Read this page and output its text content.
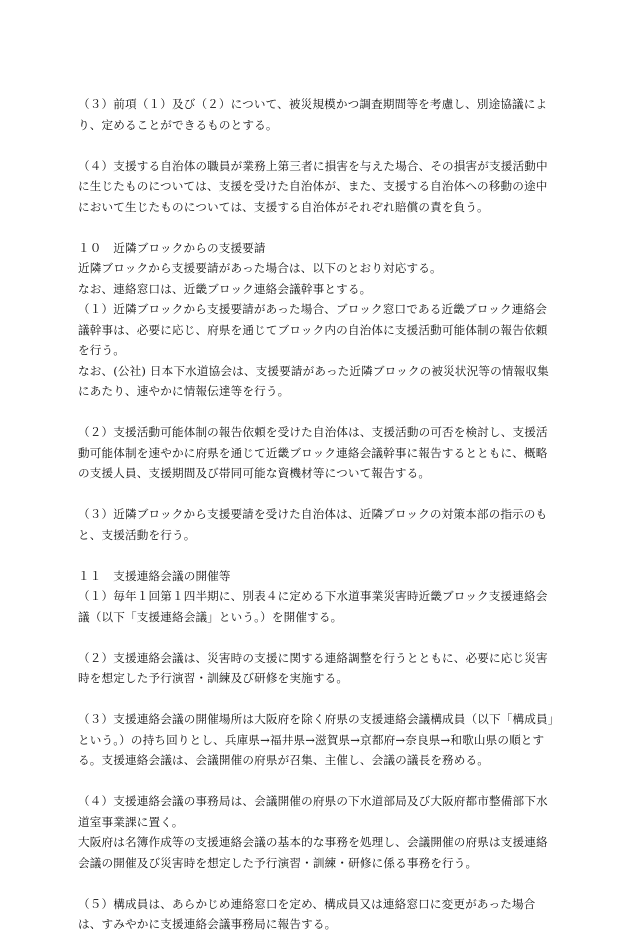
（３）前項（１）及び（２）について、被災規模かつ調査期間等を考慮し、別途協議により、定めることができるものとする。

（４）支援する自治体の職員が業務上第三者に損害を与えた場合、その損害が支援活動中に生じたものについては、支援を受けた自治体が、また、支援する自治体への移動の途中において生じたものについては、支援する自治体がそれぞれ賠償の責を負う。

１０　近隣ブロックからの支援要請

近隣ブロックから支援要請があった場合は、以下のとおり対応する。

なお、連絡窓口は、近畿ブロック連絡会議幹事とする。

（１）近隣ブロックから支援要請があった場合、ブロック窓口である近畿ブロック連絡会議幹事は、必要に応じ、府県を通じてブロック内の自治体に支援活動可能体制の報告依頼を行う。

なお、(公社) 日本下水道協会は、支援要請があった近隣ブロックの被災状況等の情報収集にあたり、速やかに情報伝達等を行う。

（２）支援活動可能体制の報告依頼を受けた自治体は、支援活動の可否を検討し、支援活動可能体制を速やかに府県を通じて近畿ブロック連絡会議幹事に報告するとともに、概略の支援人員、支援期間及び帯同可能な資機材等について報告する。

（３）近隣ブロックから支援要請を受けた自治体は、近隣ブロックの対策本部の指示のもと、支援活動を行う。

１１　支援連絡会議の開催等

（１）毎年１回第１四半期に、別表４に定める下水道事業災害時近畿ブロック支援連絡会議（以下「支援連絡会議」という。）を開催する。

（２）支援連絡会議は、災害時の支援に関する連絡調整を行うとともに、必要に応じ災害時を想定した予行演習・訓練及び研修を実施する。

（３）支援連絡会議の開催場所は大阪府を除く府県の支援連絡会議構成員（以下「構成員」という。）の持ち回りとし、兵庫県→福井県→滋賀県→京都府→奈良県→和歌山県の順とする。支援連絡会議は、会議開催の府県が召集、主催し、会議の議長を務める。

（４）支援連絡会議の事務局は、会議開催の府県の下水道部局及び大阪府都市整備部下水道室事業課に置く。

大阪府は名簿作成等の支援連絡会議の基本的な事務を処理し、会議開催の府県は支援連絡会議の開催及び災害時を想定した予行演習・訓練・研修に係る事務を行う。

（５）構成員は、あらかじめ連絡窓口を定め、構成員又は連絡窓口に変更があった場合は、すみやかに支援連絡会議事務局に報告する。
